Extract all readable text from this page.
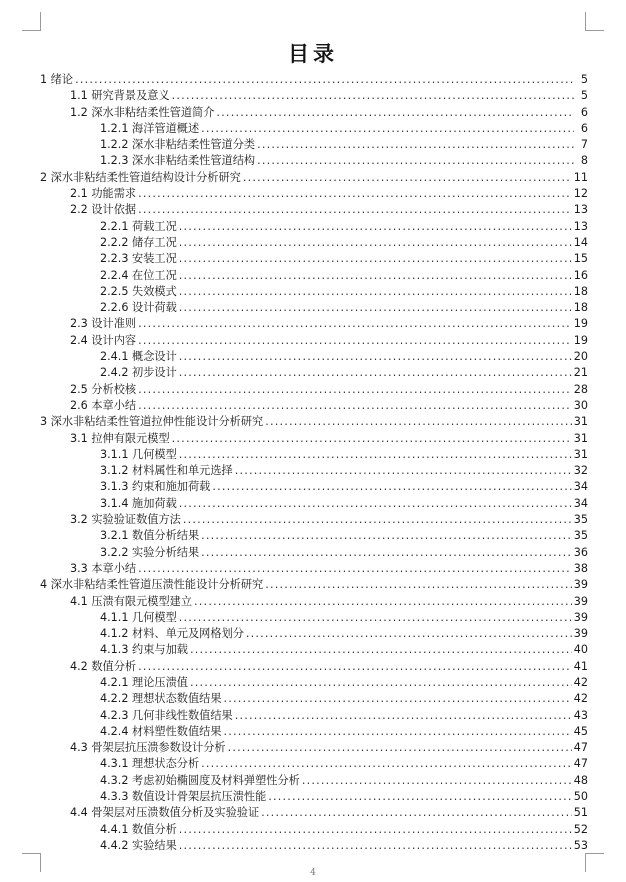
目录
1 绪论 .....	5
1.1 研究背景及意义 .....	5
1.2 深水非粘结柔性管道简介 .....	6
1.2.1 海洋管道概述 .....	6
1.2.2 深水非粘结柔性管道分类 .....	7
1.2.3 深水非粘结柔性管道结构 .....	8
2 深水非粘结柔性管道结构设计分析研究 .....	11
2.1 功能需求 .....	12
2.2 设计依据 .....	13
2.2.1 荷载工况 .....	13
2.2.2 储存工况 .....	14
2.2.3 安装工况 .....	15
2.2.4 在位工况 .....	16
2.2.5 失效模式 .....	18
2.2.6 设计荷载 .....	18
2.3 设计准则 .....	19
2.4 设计内容 .....	19
2.4.1 概念设计 .....	20
2.4.2 初步设计 .....	21
2.5 分析校核 .....	28
2.6 本章小结 .....	30
3 深水非粘结柔性管道拉伸性能设计分析研究 .....	31
3.1 拉伸有限元模型 .....	31
3.1.1 几何模型 .....	31
3.1.2 材料属性和单元选择 .....	32
3.1.3 约束和施加荷载 .....	34
3.1.4 施加荷载 .....	34
3.2 实验验证数值方法 .....	35
3.2.1 数值分析结果 .....	35
3.2.2 实验分析结果 .....	36
3.3 本章小结 .....	38
4 深水非粘结柔性管道压溃性能设计分析研究 .....	39
4.1 压溃有限元模型建立 .....	39
4.1.1 几何模型 .....	39
4.1.2 材料、单元及网格划分 .....	39
4.1.3 约束与加载 .....	40
4.2 数值分析 .....	41
4.2.1 理论压溃值 .....	42
4.2.2 理想状态数值结果 .....	42
4.2.3 几何非线性数值结果 .....	43
4.2.4 材料塑性数值结果 .....	45
4.3 骨架层抗压溃参数设计分析 .....	47
4.3.1 理想状态分析 .....	47
4.3.2 考虑初始椭圆度及材料弹塑性分析 .....	48
4.3.3 数值设计骨架层抗压溃性能 .....	50
4.4 骨架层对压溃数值分析及实验验证 .....	51
4.4.1 数值分析 .....	52
4.4.2 实验结果 .....	53
4
